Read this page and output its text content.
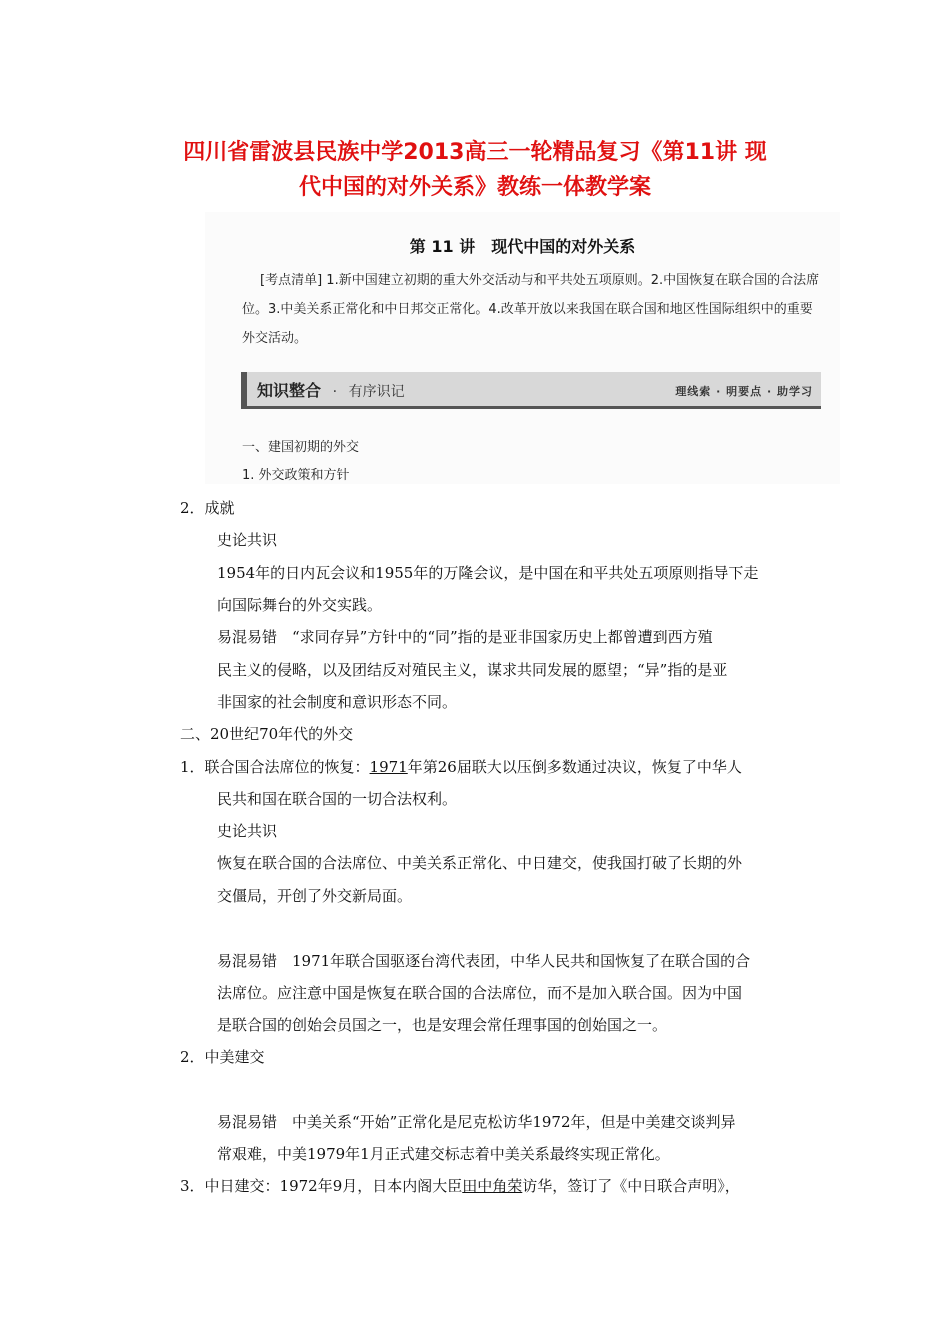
四川省雷波县民族中学2013高三一轮精品复习《第11讲 现
代中国的对外关系》教练一体教学案
第 11 讲　现代中国的对外关系
[考点清单] 1.新中国建立初期的重大外交活动与和平共处五项原则。2.中国恢复在联合国的合法席位。3.中美关系正常化和中日邦交正常化。4.改革开放以来我国在联合国和地区性国际组织中的重要外交活动。
知识整合 · 有序识记	理线索 · 明要点 · 助学习
一、建国初期的外交
1. 外交政策和方针
2．成就
史论共识
1954年的日内瓦会议和1955年的万隆会议，是中国在和平共处五项原则指导下走
向国际舞台的外交实践。
易混易错　“求同存异”方针中的“同”指的是亚非国家历史上都曾遭到西方殖
民主义的侵略，以及团结反对殖民主义，谋求共同发展的愿望；“异”指的是亚
非国家的社会制度和意识形态不同。
二、20世纪70年代的外交
1．联合国合法席位的恢复：1971年第26届联大以压倒多数通过决议，恢复了中华人
民共和国在联合国的一切合法权利。
史论共识
恢复在联合国的合法席位、中美关系正常化、中日建交，使我国打破了长期的外
交僵局，开创了外交新局面。
易混易错　1971年联合国驱逐台湾代表团，中华人民共和国恢复了在联合国的合
法席位。应注意中国是恢复在联合国的合法席位，而不是加入联合国。因为中国
是联合国的创始会员国之一，也是安理会常任理事国的创始国之一。
2．中美建交
易混易错　中美关系“开始”正常化是尼克松访华1972年，但是中美建交谈判异
常艰难，中美1979年1月正式建交标志着中美关系最终实现正常化。
3．中日建交：1972年9月，日本内阁大臣田中角荣访华，签订了《中日联合声明》，
